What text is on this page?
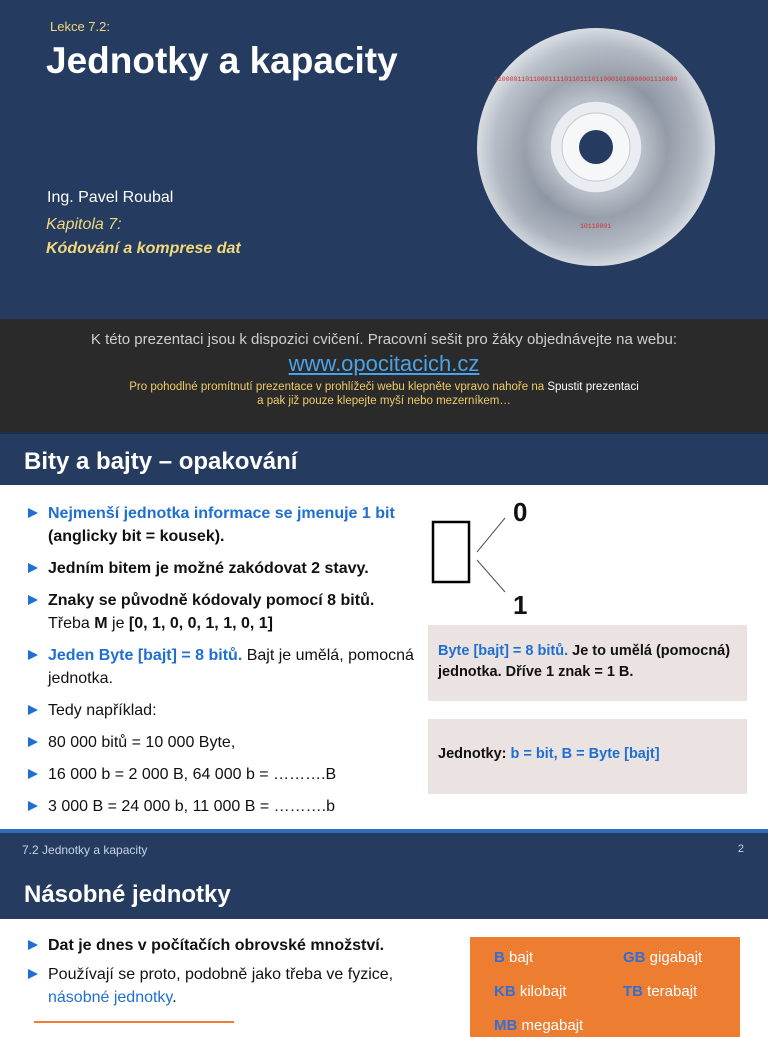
Lekce 7.2:
Jednotky a kapacity
Ing. Pavel Roubal
Kapitola 7:
Kódování a komprese dat
11000011011000111101101110110001010000001110000
10110001
K této prezentaci jsou k dispozici cvičení. Pracovní sešit pro žáky objednávejte na webu:
www.opocitacich.cz
Pro pohodlné promítnutí prezentace v prohlížeči webu klepněte vpravo nahoře na Spustit prezentaci
a pak již pouze klepejte myší nebo mezerníkem…
Bity a bajty – opakování
Nejmenší jednotka informace se jmenuje 1 bit (anglicky bit = kousek).
Jedním bitem je možné zakódovat 2 stavy.
Znaky se původně kódovaly pomocí 8 bitů.
Třeba M je [0, 1, 0, 0, 1, 1, 0, 1]
Jeden Byte [bajt] = 8 bitů. Bajt je umělá, pomocná jednotka.
Tedy například:
80 000 bitů = 10 000 Byte,
16 000 b = 2 000 B, 64 000 b = ……….B
3 000 B = 24 000 b, 11 000 B = ……….b
0
1
Byte [bajt] = 8 bitů. Je to umělá (pomocná) jednotka. Dříve 1 znak = 1 B.
Jednotky: b = bit, B = Byte [bajt]
7.2 Jednotky a kapacity	2
Násobné jednotky
Dat je dnes v počítačích obrovské množství.
Používají se proto, podobně jako třeba ve fyzice, násobné jednotky.
B bajt	GB gigabajt
KB kilobajt	TB terabajt
MB megabajt
